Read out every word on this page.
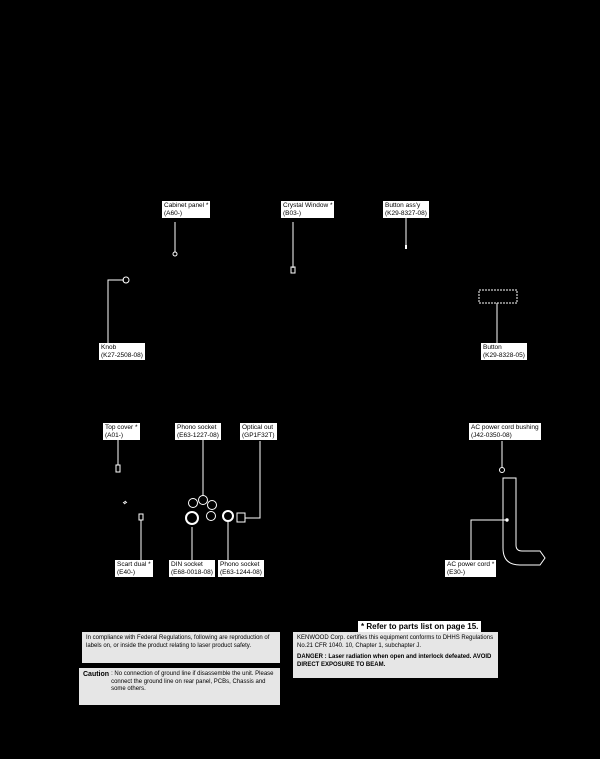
Cabinet panel *
(A60-)
Crystal Window *
(B03-)
Button ass'y
(K29-8327-08)
Knob
(K27-2508-08)
Button
(K29-8328-05)
Top cover *
(A01-)
Phono socket
(E63-1227-08)
Optical out
(GP1F32T)
AC power cord bushing
(J42-0350-08)
Scart dual *
(E40-)
DIN socket
(E68-0018-08)
Phono socket
(E63-1244-08)
AC power cord *
(E30-)
* Refer to parts list on page 15.

In compliance with Federal Regulations, following are reproduction of labels on, or inside the product relating to laser product safety.

Caution : No connection of ground line if disassemble the unit. Please connect the ground line on rear panel, PCBs, Chassis and some others.

KENWOOD Corp. certifies this equipment conforms to DHHS Regulations No.21 CFR 1040. 10, Chapter 1, subchapter J.

DANGER : Laser radiation when open and interlock defeated. AVOID DIRECT EXPOSURE TO BEAM.
